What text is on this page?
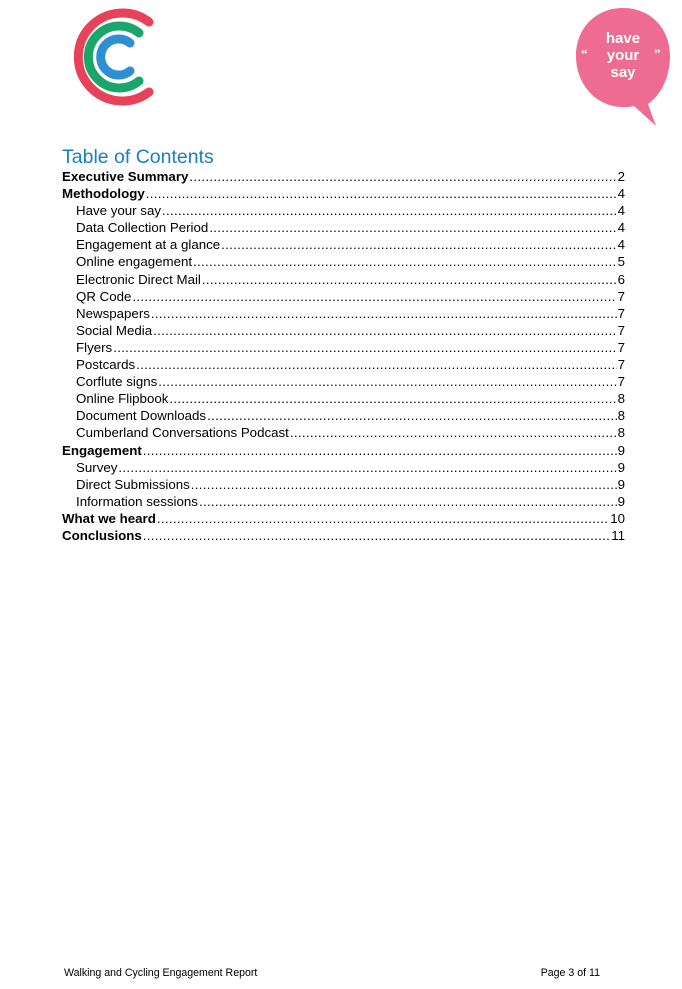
“	”
have
your
say
Table of Contents
Executive Summary .....	2
Methodology .....	4
Have your say .....	4
Data Collection Period .....	4
Engagement at a glance .....	4
Online engagement .....	5
Electronic Direct Mail .....	6
QR Code .....	7
Newspapers .....	7
Social Media .....	7
Flyers .....	7
Postcards .....	7
Corflute signs .....	7
Online Flipbook .....	8
Document Downloads .....	8
Cumberland Conversations Podcast .....	8
Engagement .....	9
Survey .....	9
Direct Submissions .....	9
Information sessions .....	9
What we heard .....	10
Conclusions .....	11
Walking and Cycling Engagement Report	Page 3 of 11
